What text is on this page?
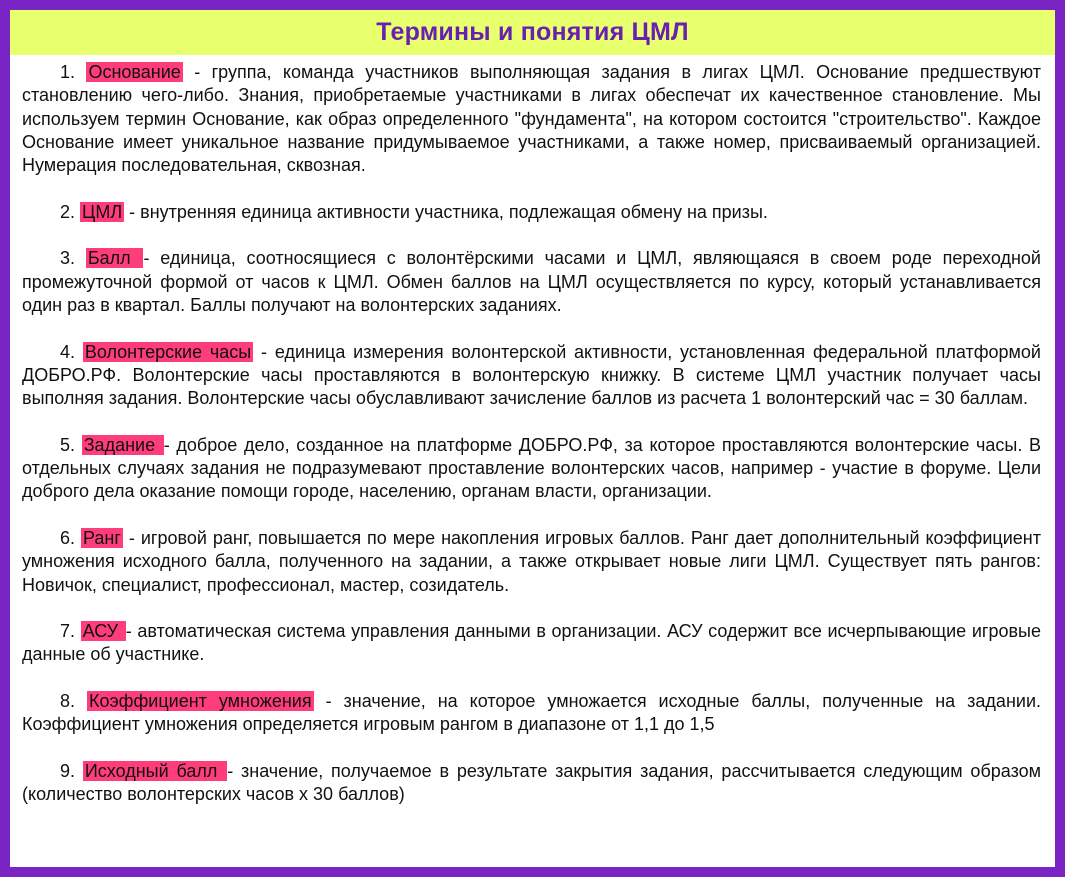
Термины и понятия ЦМЛ

1. Основание - группа, команда участников выполняющая задания в лигах ЦМЛ. Основание предшествуют становлению чего-либо. Знания, приобретаемые участниками в лигах обеспечат их качественное становление. Мы используем термин Основание, как образ определенного "фундамента", на котором состоится "строительство". Каждое Основание имеет уникальное название придумываемое участниками, а также номер, присваиваемый организацией. Нумерация последовательная, сквозная.

2. ЦМЛ - внутренняя единица активности участника, подлежащая обмену на призы.

3. Балл - единица, соотносящиеся с волонтёрскими часами и ЦМЛ, являющаяся в своем роде переходной промежуточной формой от часов к ЦМЛ. Обмен баллов на ЦМЛ осуществляется по курсу, который устанавливается один раз в квартал. Баллы получают на волонтерских заданиях.

4. Волонтерские часы - единица измерения волонтерской активности, установленная федеральной платформой ДОБРО.РФ. Волонтерские часы проставляются в волонтерскую книжку. В системе ЦМЛ участник получает часы выполняя задания. Волонтерские часы обуславливают зачисление баллов из расчета 1 волонтерский час = 30 баллам.

5. Задание - доброе дело, созданное на платформе ДОБРО.РФ, за которое проставляются волонтерские часы. В отдельных случаях задания не подразумевают проставление волонтерских часов, например - участие в форуме. Цели доброго дела оказание помощи городе, населению, органам власти, организации.

6. Ранг - игровой ранг, повышается по мере накопления игровых баллов. Ранг дает дополнительный коэффициент умножения исходного балла, полученного на задании, а также открывает новые лиги ЦМЛ. Существует пять рангов: Новичок, специалист, профессионал, мастер, созидатель.

7. АСУ - автоматическая система управления данными в организации. АСУ содержит все исчерпывающие игровые данные об участнике.

8. Коэффициент умножения - значение, на которое умножается исходные баллы, полученные на задании. Коэффициент умножения определяется игровым рангом в диапазоне от 1,1 до 1,5

9. Исходный балл - значение, получаемое в результате закрытия задания, рассчитывается следующим образом (количество волонтерских часов х 30 баллов)
